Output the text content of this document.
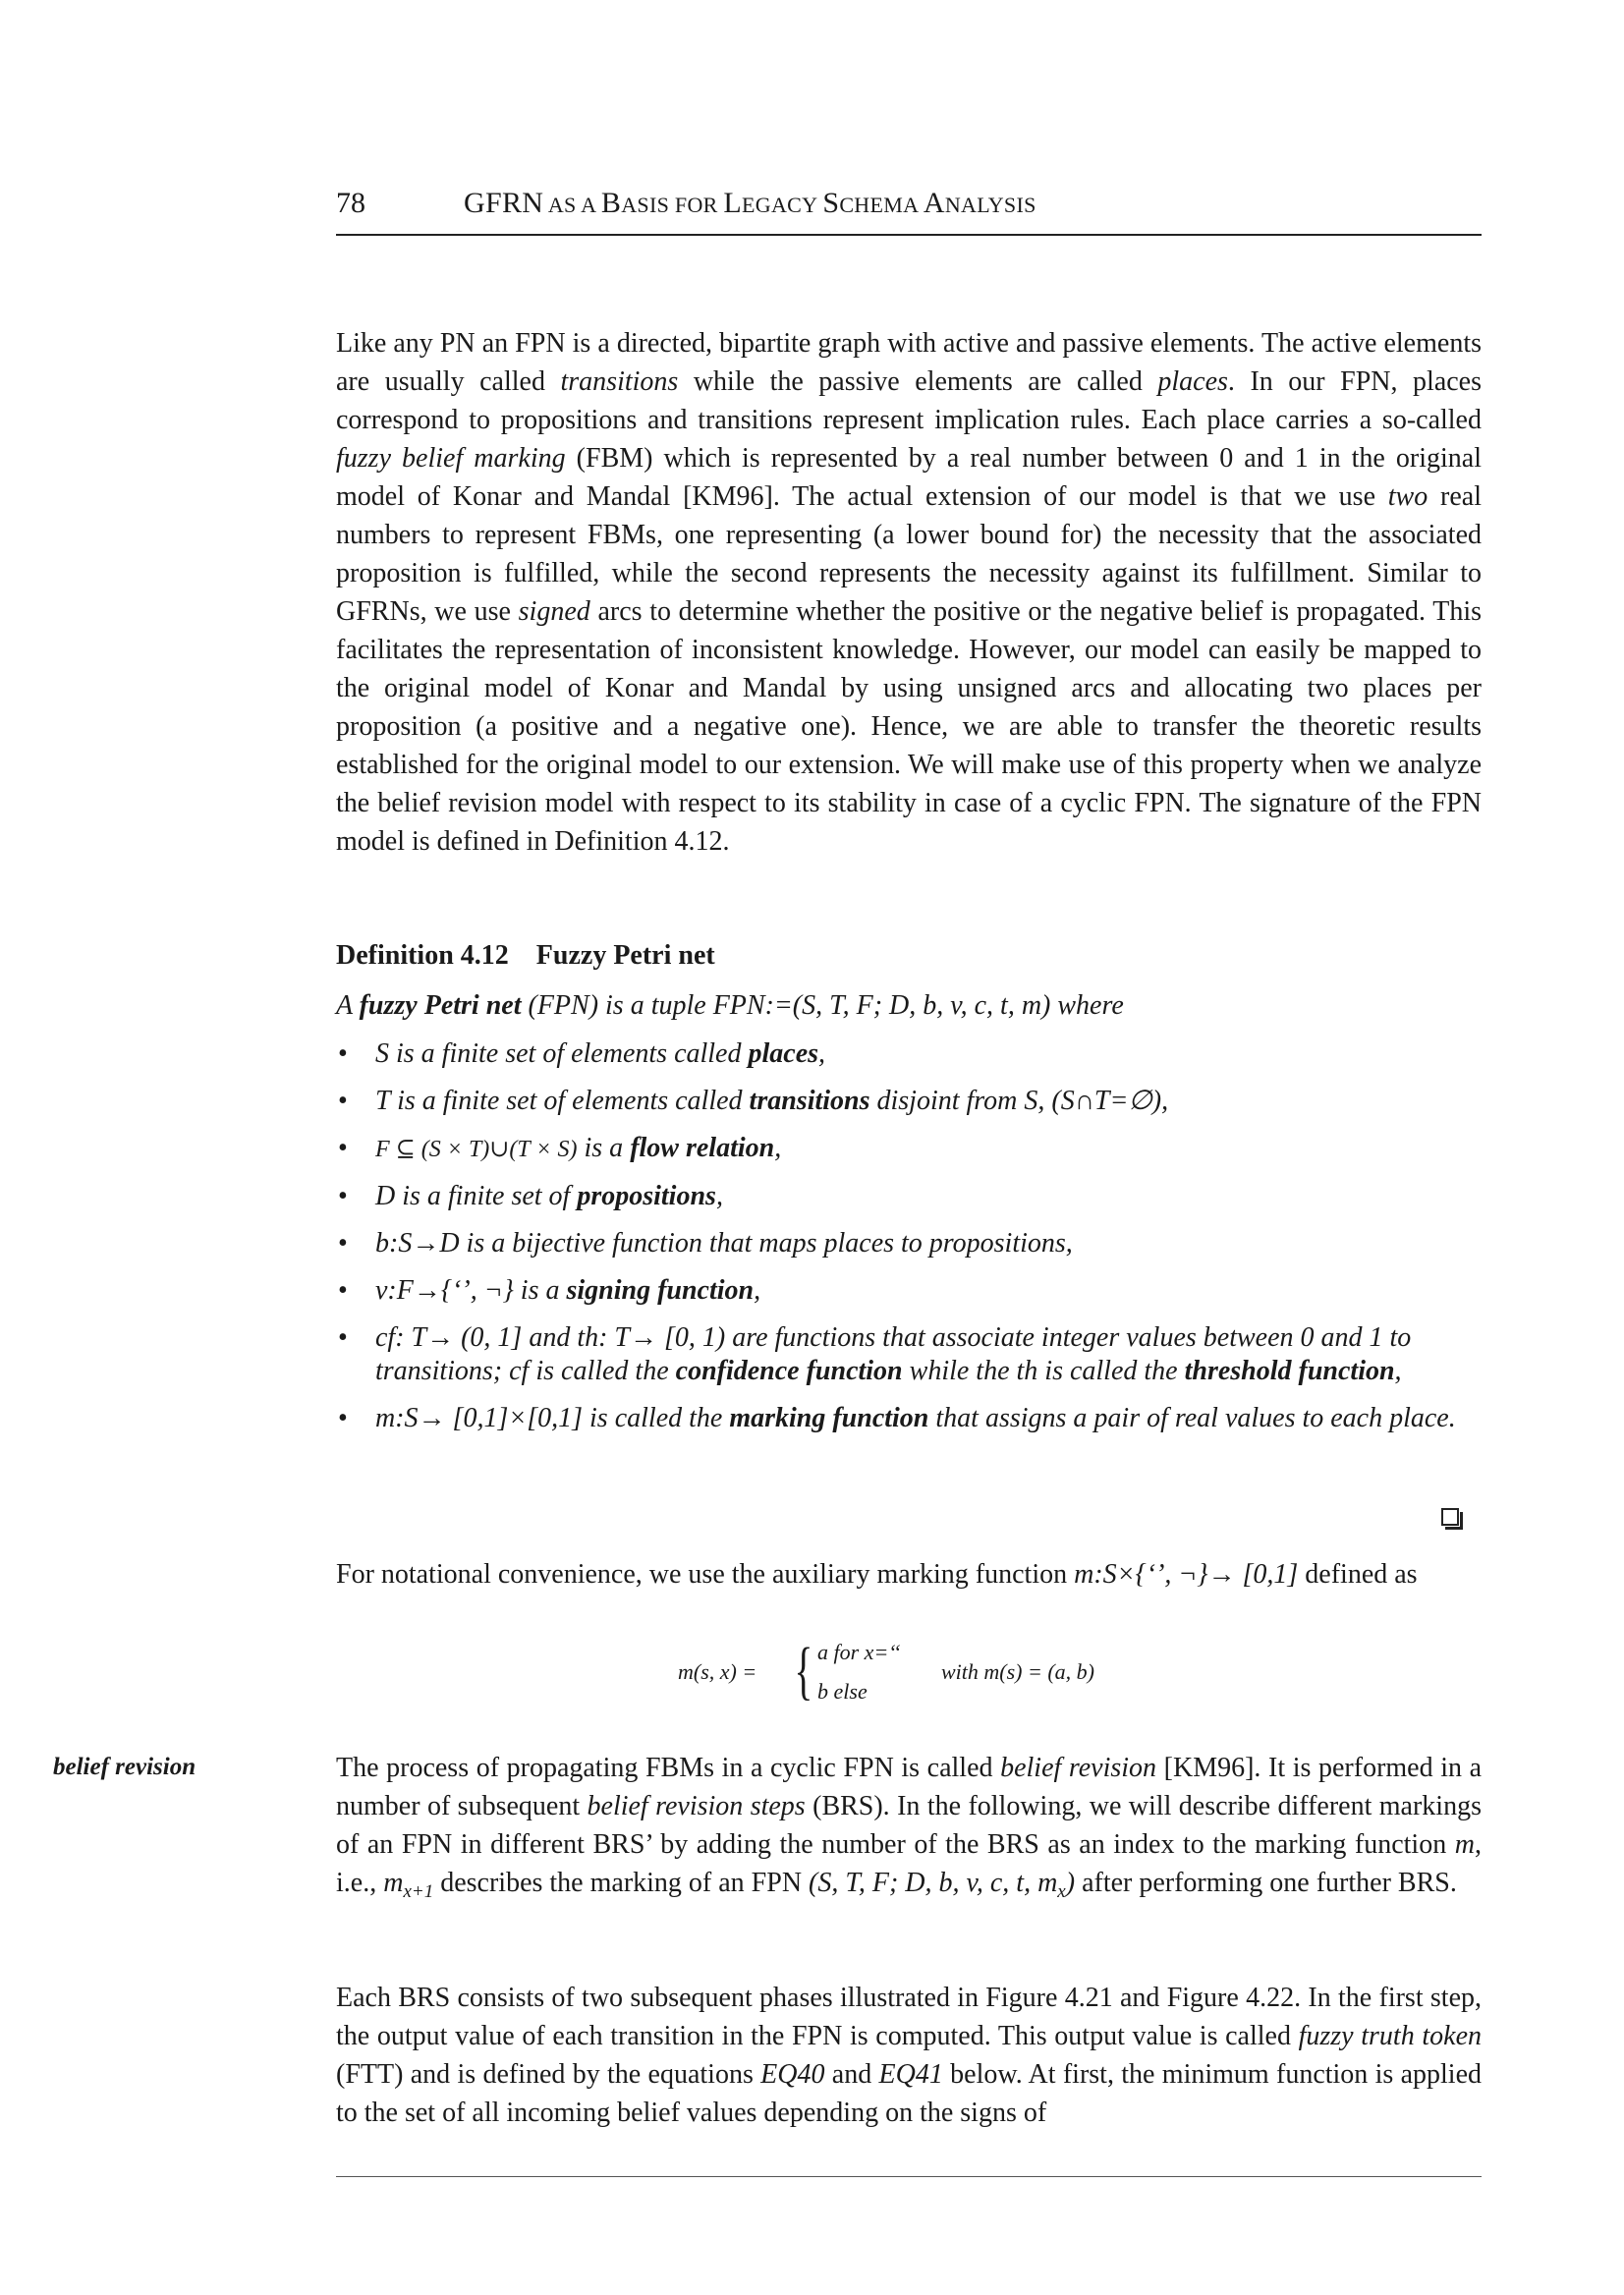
78	GFRN AS A BASIS FOR LEGACY SCHEMA ANALYSIS
Like any PN an FPN is a directed, bipartite graph with active and passive elements. The active elements are usually called transitions while the passive elements are called places. In our FPN, places correspond to propositions and transitions represent implication rules. Each place carries a so-called fuzzy belief marking (FBM) which is represented by a real number between 0 and 1 in the original model of Konar and Mandal [KM96]. The actual extension of our model is that we use two real numbers to represent FBMs, one representing (a lower bound for) the necessity that the associated proposition is fulfilled, while the second represents the necessity against its fulfillment. Similar to GFRNs, we use signed arcs to determine whether the positive or the negative belief is propagated. This facilitates the representation of inconsistent knowledge. However, our model can easily be mapped to the original model of Konar and Mandal by using unsigned arcs and allocating two places per proposition (a positive and a negative one). Hence, we are able to transfer the theoretic results established for the original model to our extension. We will make use of this property when we analyze the belief revision model with respect to its stability in case of a cyclic FPN. The signature of the FPN model is defined in Definition 4.12.
Definition 4.12 Fuzzy Petri net
A fuzzy Petri net (FPN) is a tuple FPN:=(S, T, F; D, b, v, c, t, m) where
• S is a finite set of elements called places,
• T is a finite set of elements called transitions disjoint from S, (S∩T=∅),
• F ⊆ (S × T)∪(T × S) is a flow relation,
• D is a finite set of propositions,
• b:S→D is a bijective function that maps places to propositions,
• v:F→{‘’, ¬} is a signing function,
• cf: T→ (0, 1] and th: T→ [0, 1) are functions that associate integer values between 0 and 1 to transitions; cf is called the confidence function while the th is called the threshold function,
• m:S→ [0,1]×[0,1] is called the marking function that assigns a pair of real values to each place.
For notational convenience, we use the auxiliary marking function m:S×{‘’, ¬}→ [0,1] defined as
m(s, x) = { a for x=‘‘
b else
with m(s) = (a, b)
belief revision	The process of propagating FBMs in a cyclic FPN is called belief revision [KM96]. It is performed in a number of subsequent belief revision steps (BRS). In the following, we will describe different markings of an FPN in different BRS’ by adding the number of the BRS as an index to the marking function m, i.e., $m_{x+1}$ describes the marking of an FPN (S, T, F; D, b, v, c, t, $m_x$) after performing one further BRS.
Each BRS consists of two subsequent phases illustrated in Figure 4.21 and Figure 4.22. In the first step, the output value of each transition in the FPN is computed. This output value is called fuzzy truth token (FTT) and is defined by the equations EQ40 and EQ41 below. At first, the minimum function is applied to the set of all incoming belief values depending on the signs of
